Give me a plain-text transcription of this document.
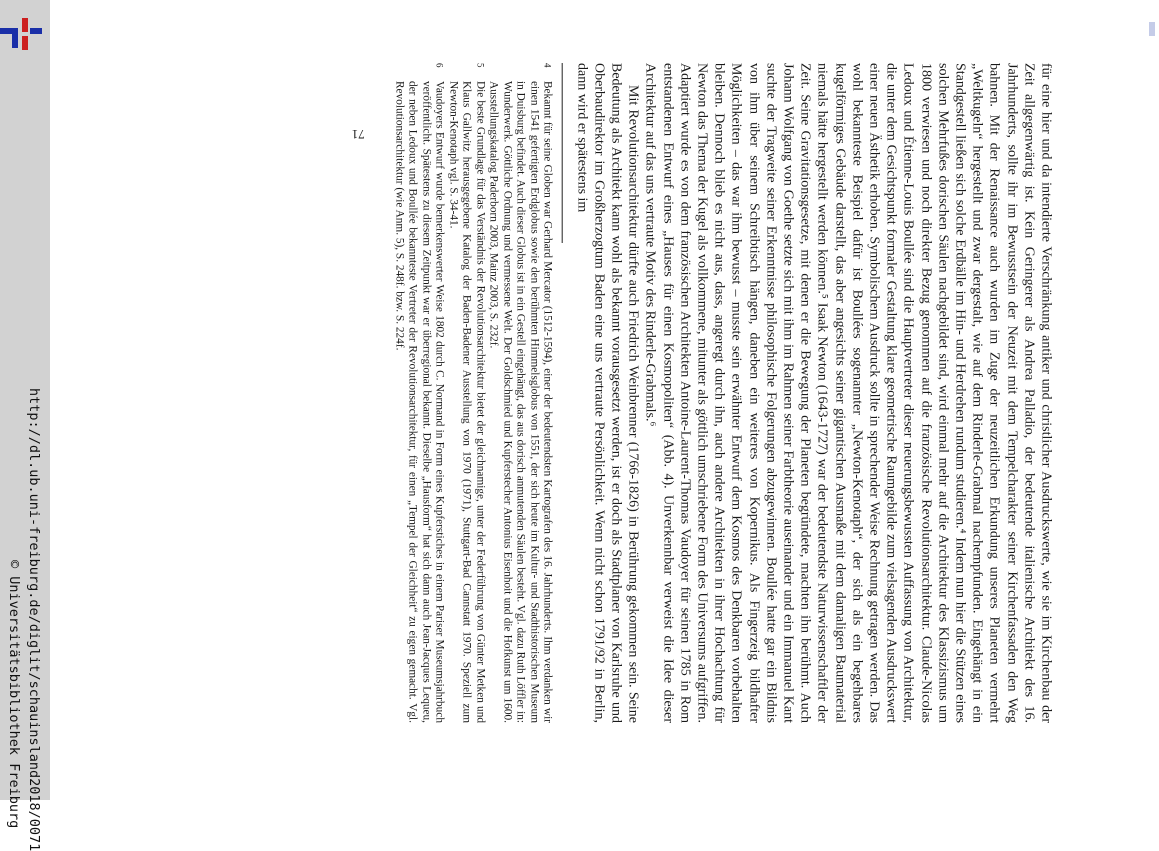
http://dl.ub.uni-freiburg.de/diglit/schauinsland2018/0071
© Universitätsbibliothek Freiburg	für eine hier und da intendierte Verschränkung antiker und christlicher Ausdruckswerte, wie sie im Kirchenbau der Zeit allgegenwärtig ist. Kein Geringerer als Andrea Palladio, der bedeutende italienische Architekt des 16. Jahrhunderts, sollte ihr im Bewusstsein der Neuzeit mit dem Tempelcharakter seiner Kirchenfassaden den Weg bahnen. Mit der Renaissance auch wurden im Zuge der neuzeitlichen Erkundung unseres Planeten vermehrt „Weltkugeln“ hergestellt und zwar dergestalt, wie auf dem Rinderle-Grabmal nachempfunden. Eingehängt in ein Standgestell ließen sich solche Erdbälle im Hin- und Herdrehen rundum studieren.⁴ Indem nun hier die Stützen eines solchen Mehrfußes dorischen Säulen nachgebildet sind, wird einmal mehr auf die Architektur des Klassizismus um 1800 verwiesen und noch direkter Bezug genommen auf die französische Revolutionsarchitektur. Claude-Nicolas Ledoux und Étienne-Louis Boullée sind die Hauptvertreter dieser neuerungsbewussten Auffassung von Architektur, die unter dem Gesichtspunkt formaler Gestaltung klare geometrische Raumgebilde zum vielsagenden Ausdruckswert einer neuen Ästhetik erhoben. Symbolischem Ausdruck sollte in sprechender Weise Rechnung getragen werden. Das wohl bekannteste Beispiel dafür ist Boullées sogenannter „Newton-Kenotaph“, der sich als ein begehbares kugelförmiges Gebäude darstellt, das aber angesichts seiner gigantischen Ausmaße mit dem damaligen Baumaterial niemals hätte hergestellt werden können.⁵ Isaak Newton (1643-1727) war der bedeutendste Naturwissenschaftler der Zeit. Seine Gravitationsgesetze, mit denen er die Bewegung der Planeten begründete, machten ihn berühmt. Auch Johann Wolfgang von Goethe setzte sich mit ihm im Rahmen seiner Farbtheorie auseinander und ein Immanuel Kant suchte der Tragweite seiner Erkenntnisse philosophische Folgerungen abzugewinnen. Boullée hatte gar ein Bildnis von ihm über seinem Schreibtisch hängen, daneben ein weiteres von Kopernikus. Als Fingerzeig bildhafter Möglichkeiten – das war ihm bewusst – musste sein erwähnter Entwurf dem Kosmos des Denkbaren vorbehalten bleiben. Dennoch blieb es nicht aus, dass, angeregt durch ihn, auch andere Architekten in ihrer Hochachtung für Newton das Thema der Kugel als vollkommene, mitunter als göttlich umschriebene Form des Universums aufgriffen. Adaptiert wurde es von dem französischen Architekten Antoine-Laurent-Thomas Vaudoyer für seinen 1785 in Rom entstandenen Entwurf eines „Hauses für einen Kosmopoliten“ (Abb. 4). Unverkennbar verweist die Idee dieser Architektur auf das uns vertraute Motiv des Rinderle-Grabmals.⁶

Mit Revolutionsarchitektur dürfte auch Friedrich Weinbrenner (1766-1826) in Berührung gekommen sein. Seine Bedeutung als Architekt kann wohl als bekannt vorausgesetzt werden, ist er doch als Stadtplaner von Karlsruhe und Oberbaudirektor im Großherzogtum Baden eine uns vertraute Persönlichkeit. Wenn nicht schon 1791/92 in Berlin, dann wird er spätestens im

4
Bekannt für seine Globen war Gerhard Mercator (1512-1594), einer der bedeutendsten Kartografen des 16. Jahrhunderts. Ihm verdanken wir einen 1541 gefertigten Erdglobus sowie den berühmten Himmelsglobus von 1551, der sich heute im Kultur- und Stadthistorischen Museum in Duisburg befindet. Auch dieser Globus ist in ein Gestell eingehängt, das aus dorisch anmutenden Säulen besteht. Vgl. dazu Ruth Löffler in: Wunderwerk. Göttliche Ordnung und vermessene Welt. Der Goldschmied und Kupferstecher Antonius Eisenhoit und die Hofkunst um 1600. Ausstellungskatalog Paderborn 2003, Mainz 2003, S. 232f.

5
Die beste Grundlage für das Verständnis der Revolutionsarchitektur bietet der gleichnamige, unter der Federführung von Günter Metken und Klaus Gallwitz herausgegebene Katalog der Baden-Badener Ausstellung von 1970 (1971), Stuttgart-Bad Cannstatt 1970. Speziell zum Newton-Kenotaph vgl. S. 34-41.

6
Vaudoyers Entwurf wurde bemerkenswerter Weise 1802 durch C. Normand in Form eines Kupferstiches in einem Pariser Museumsjahrbuch veröffentlicht. Spätestens zu diesem Zeitpunkt war er überregional bekannt. Dieselbe „Hausform“ hat sich dann auch Jean-Jacques Lequeu, der neben Ledoux und Boullée bekannteste Vertreter der Revolutionsarchitektur, für einen „Tempel der Gleichheit“ zu eigen gemacht. Vgl. Revolutionsarchitektur (wie Anm. 5), S. 248f. bzw. S. 224f.

71
